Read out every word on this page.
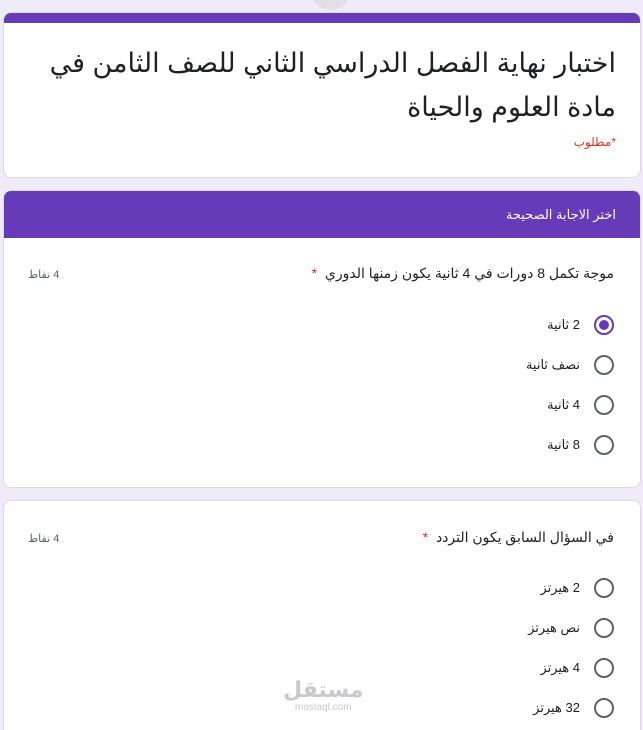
اختبار نهاية الفصل الدراسي الثاني للصف الثامن في مادة العلوم والحياة
*مطلوب
اختر الاجابة الصحيحة
موجة تكمل 8 دورات في 4 ثانية يكون زمنها الدوري *
4 نقاط
2 ثانية
نصف ثانية
4 ثانية
8 ثانية
في السؤال السابق يكون التردد *
4 نقاط
2 هيرتز
نص هيرتز
4 هيرتز
32 هيرتز
مستقل
mostaql.com
